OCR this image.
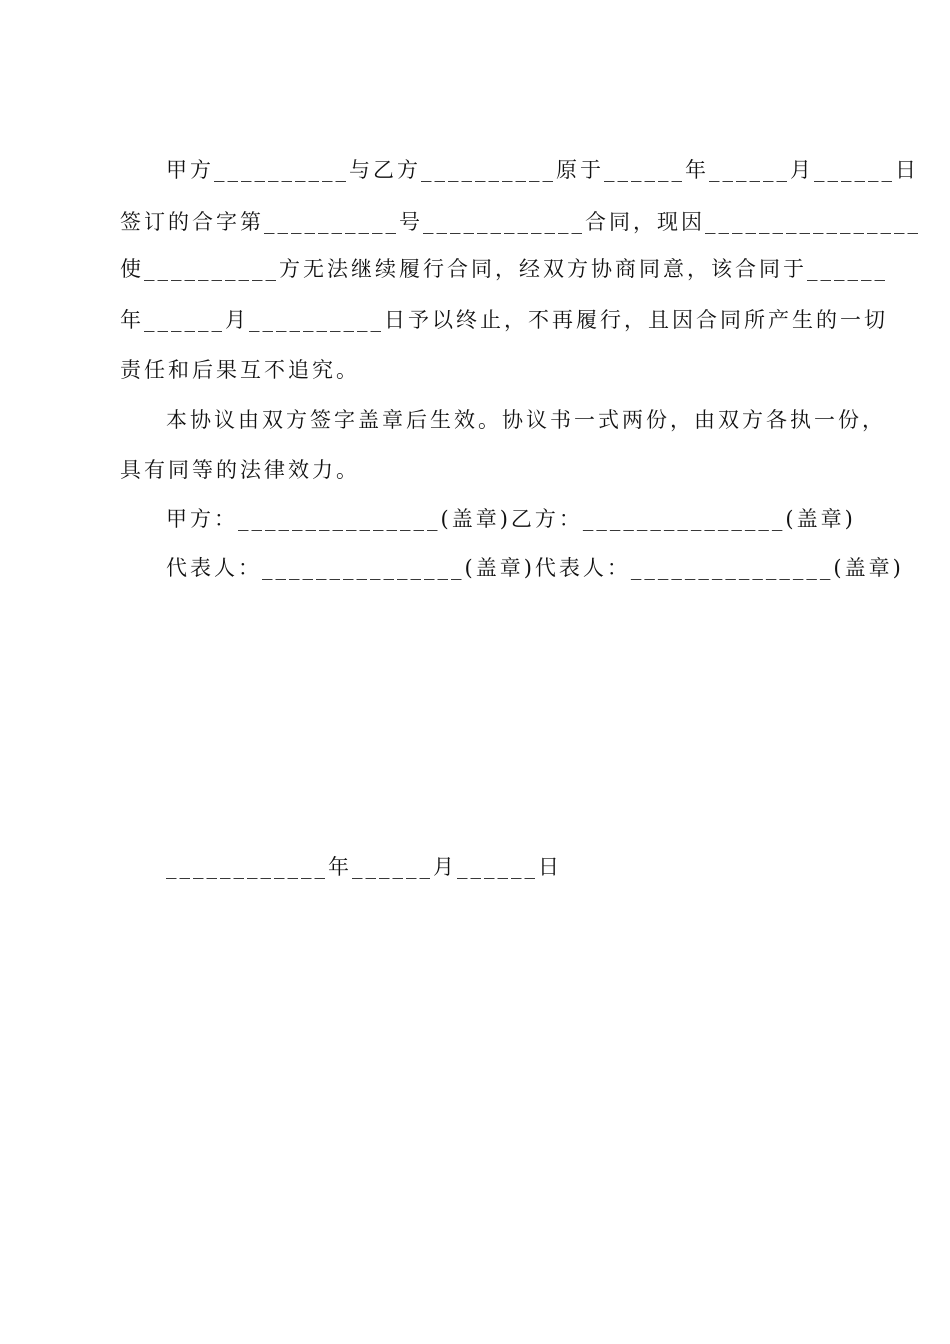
甲方__________与乙方__________原于______年______月______日
签订的合字第__________号____________合同，现因________________
使__________方无法继续履行合同，经双方协商同意，该合同于______
年______月__________日予以终止，不再履行，且因合同所产生的一切
责任和后果互不追究。
本协议由双方签字盖章后生效。协议书一式两份，由双方各执一份，
具有同等的法律效力。
甲方：_______________(盖章)乙方：_______________(盖章)
代表人：_______________(盖章)代表人：_______________(盖章)
____________年______月______日
